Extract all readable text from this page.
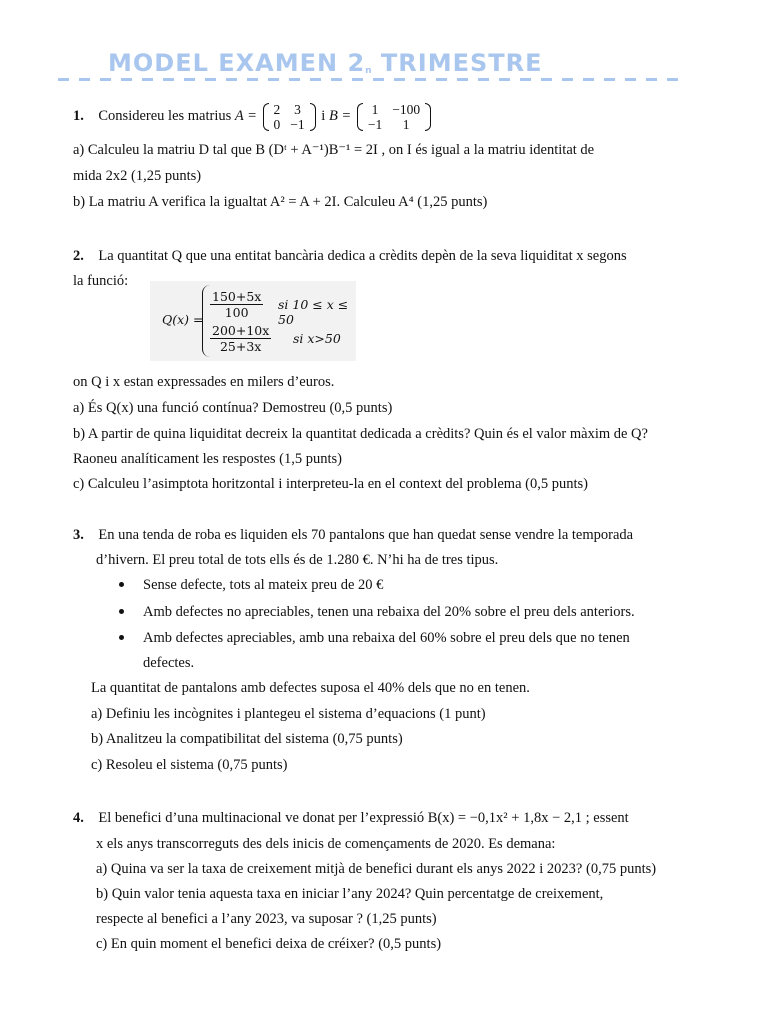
MODEL EXAMEN $2_n$ TRIMESTRE
1. Considereu les matrius A = 2	3
0	−1
i B = 1	−100
−1	1
a) Calculeu la matriu D tal que B (Dᵗ + A⁻¹)B⁻¹ = 2I , on I és igual a la matriu identitat de
mida 2x2 (1,25 punts)
b) La matriu A verifica la igualtat A² = A + 2I. Calculeu A⁴ (1,25 punts)
2. La quantitat Q que una entitat bancària dedica a crèdits depèn de la seva liquiditat x segons
la funció:
$Q(x) = \frac{150+5x}{100}$ si 10 ≤ x ≤ 50
$\frac{200+10x}{25+3x}$ si x>50
on Q i x estan expressades en milers d’euros.
a) És Q(x) una funció contínua? Demostreu (0,5 punts)
b) A partir de quina liquiditat decreix la quantitat dedicada a crèdits? Quin és el valor màxim de Q?
Raoneu analíticament les respostes (1,5 punts)
c) Calculeu l’asimptota horitzontal i interpreteu-la en el context del problema (0,5 punts)
3. En una tenda de roba es liquiden els 70 pantalons que han quedat sense vendre la temporada
d’hivern. El preu total de tots ells és de 1.280 €. N’hi ha de tres tipus.
Sense defecte, tots al mateix preu de 20 €
Amb defectes no apreciables, tenen una rebaixa del 20% sobre el preu dels anteriors.
Amb defectes apreciables, amb una rebaixa del 60% sobre el preu dels que no tenen
defectes.
La quantitat de pantalons amb defectes suposa el 40% dels que no en tenen.
a) Definiu les incògnites i plantegeu el sistema d’equacions (1 punt)
b) Analitzeu la compatibilitat del sistema (0,75 punts)
c) Resoleu el sistema (0,75 punts)
4. El benefici d’una multinacional ve donat per l’expressió B(x) = −0,1x² + 1,8x − 2,1 ; essent
x els anys transcorreguts des dels inicis de començaments de 2020. Es demana:
a) Quina va ser la taxa de creixement mitjà de benefici durant els anys 2022 i 2023? (0,75 punts)
b) Quin valor tenia aquesta taxa en iniciar l’any 2024? Quin percentatge de creixement,
respecte al benefici a l’any 2023, va suposar ? (1,25 punts)
c) En quin moment el benefici deixa de créixer? (0,5 punts)
